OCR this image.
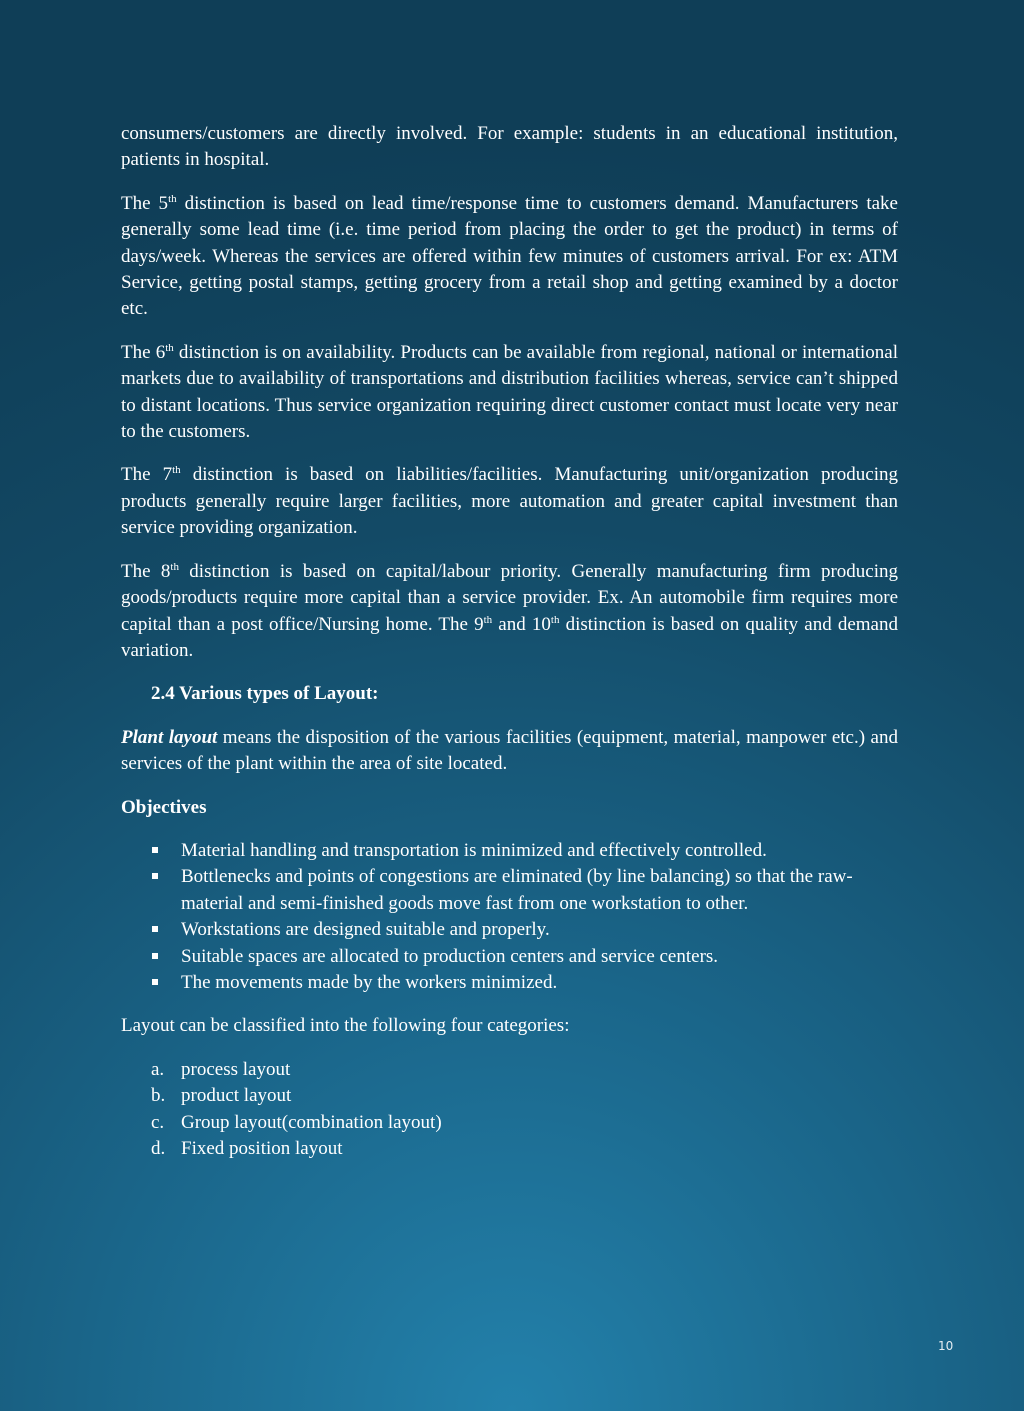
consumers/customers are directly involved. For example: students in an educational institution, patients in hospital.

The 5th distinction is based on lead time/response time to customers demand. Manufacturers take generally some lead time (i.e. time period from placing the order to get the product) in terms of days/week. Whereas the services are offered within few minutes of customers arrival. For ex: ATM Service, getting postal stamps, getting grocery from a retail shop and getting examined by a doctor etc.

The 6th distinction is on availability. Products can be available from regional, national or international markets due to availability of transportations and distribution facilities whereas, service can’t shipped to distant locations. Thus service organization requiring direct customer contact must locate very near to the customers.

The 7th distinction is based on liabilities/facilities. Manufacturing unit/organization producing products generally require larger facilities, more automation and greater capital investment than service providing organization.

The 8th distinction is based on capital/labour priority. Generally manufacturing firm producing goods/products require more capital than a service provider. Ex. An automobile firm requires more capital than a post office/Nursing home. The 9th and 10th distinction is based on quality and demand variation.

2.4 Various types of Layout:

Plant layout means the disposition of the various facilities (equipment, material, manpower etc.) and services of the plant within the area of site located.

Objectives
Material handling and transportation is minimized and effectively controlled.
Bottlenecks and points of congestions are eliminated (by line balancing) so that the raw-material and semi-finished goods move fast from one workstation to other.
Workstations are designed suitable and properly.
Suitable spaces are allocated to production centers and service centers.
The movements made by the workers minimized.

Layout can be classified into the following four categories:

a. process layout
b. product layout
c. Group layout(combination layout)
d. Fixed position layout
10
